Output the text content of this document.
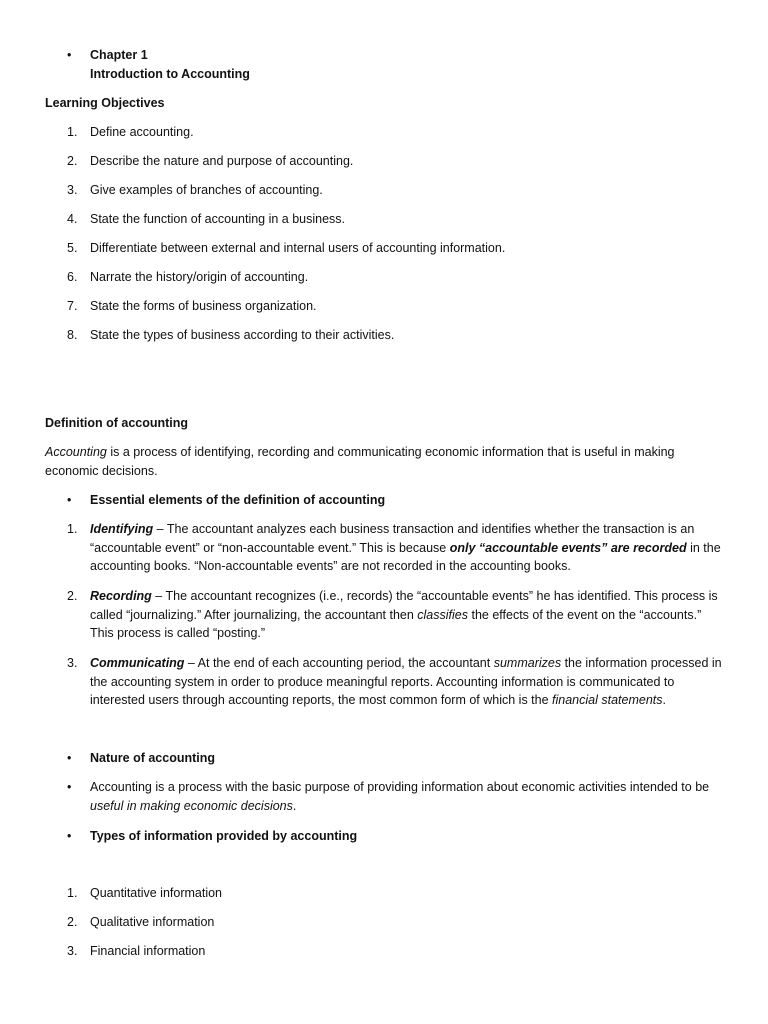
• Chapter 1
Introduction to Accounting
Learning Objectives
1. Define accounting.
2. Describe the nature and purpose of accounting.
3. Give examples of branches of accounting.
4. State the function of accounting in a business.
5. Differentiate between external and internal users of accounting information.
6. Narrate the history/origin of accounting.
7. State the forms of business organization.
8. State the types of business according to their activities.
Definition of accounting
Accounting is a process of identifying, recording and communicating economic information that is useful in making economic decisions.
• Essential elements of the definition of accounting
1. Identifying – The accountant analyzes each business transaction and identifies whether the transaction is an “accountable event” or “non-accountable event.” This is because only “accountable events” are recorded in the accounting books. “Non-accountable events” are not recorded in the accounting books.
2. Recording – The accountant recognizes (i.e., records) the “accountable events” he has identified. This process is called “journalizing.” After journalizing, the accountant then classifies the effects of the event on the “accounts.” This process is called “posting.”
3. Communicating – At the end of each accounting period, the accountant summarizes the information processed in the accounting system in order to produce meaningful reports. Accounting information is communicated to interested users through accounting reports, the most common form of which is the financial statements.
• Nature of accounting
• Accounting is a process with the basic purpose of providing information about economic activities intended to be useful in making economic decisions.
• Types of information provided by accounting
1. Quantitative information
2. Qualitative information
3. Financial information
